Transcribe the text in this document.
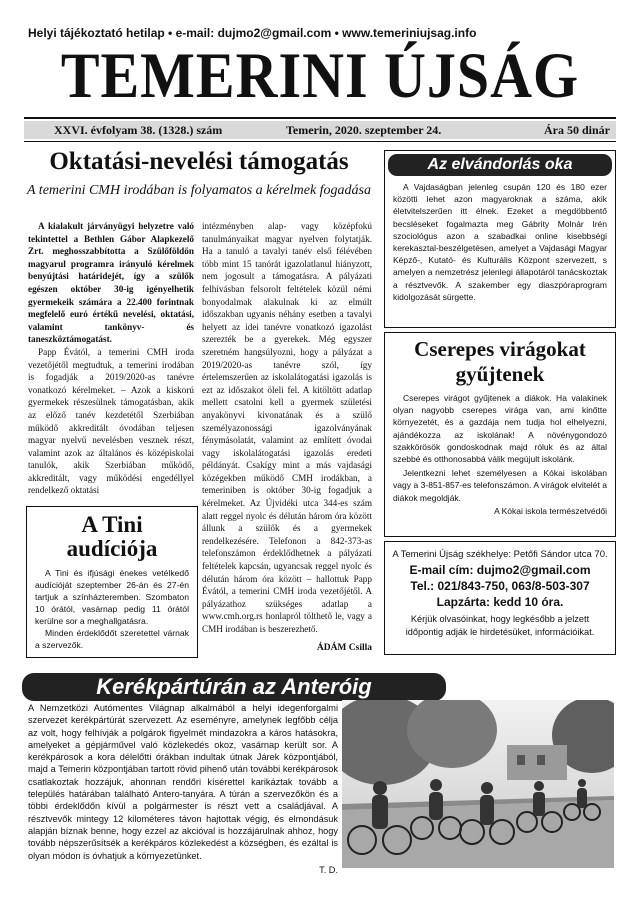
Helyi tájékoztató hetilap • e-mail: dujmo2@gmail.com • www.temeriniujsag.info
TEMERINI ÚJSÁG
XXVI. évfolyam 38. (1328.) szám	Temerin, 2020. szeptember 24.	Ára 50 dinár
Oktatási-nevelési támogatás
A temerini CMH irodában is folyamatos a kérelmek fogadása

A kialakult járványügyi helyzetre való tekintettel a Bethlen Gábor Alapkezelő Zrt. meghosszabbította a Szülőföldön magyarul programra irányuló kérelmek benyújtási határidejét, így a szülők egészen október 30-ig igényelhetik gyermekeik számára a 22.400 forintnak megfelelő euró értékű nevelési, oktatási, valamint tankönyv- és taneszköztámogatást.

Papp Évától, a temerini CMH iroda vezetőjétől megtudtuk, a temerini irodában is fogadják a 2019/2020-as tanévre vonatkozó kérelmeket. – Azok a kiskorú gyermekek részesülnek támogatásban, akik az előző tanév kezdetétől Szerbiában működő akkreditált óvodában teljesen magyar nyelvű nevelésben vesznek részt, valamint azok az általános és középiskolai tanulók, akik Szerbiában működő, akkreditált, vagy működési engedéllyel rendelkező oktatási

intézményben alap- vagy középfokú tanulmányaikat magyar nyelven folytatják. Ha a tanuló a tavalyi tanév első félévében több mint 15 tanórát igazolatlanul hiányzott, nem jogosult a támogatásra. A pályázati felhívásban felsorolt feltételek közül némi bonyodalmak alakulnak ki az elmúlt időszakban ugyanis néhány esetben a tavalyi helyett az idei tanévre vonatkozó igazolást szerezték be a gyerekek. Még egyszer szeretném hangsúlyozni, hogy a pályázat a 2019/2020-as tanévre szól, így értelemszerűen az iskolalátogatási igazolás is ezt az időszakot öleli fel. A kitöltött adatlap mellett csatolni kell a gyermek születési anyakönyvi kivonatának és a szülő személyazonossági igazolványának fénymásolatát, valamint az említett óvodai vagy iskolalátogatási igazolás eredeti példányát. Csakígy mint a más vajdasági közégekben működő CMH irodákban, a temeriniben is október 30-ig fogadjuk a kérelmeket. Az Újvidéki utca 344-es szám alatt reggel nyolc és délután három óra között állunk a szülők és a gyermekek rendelkezésére. Telefonon a 842-373-as telefonszámon érdeklődhetnek a pályázati feltételek kapcsán, ugyancsak reggel nyolc és délután három óra között – hallottuk Papp Évától, a temerini CMH iroda vezetőjétől. A pályázathoz szükséges adatlap a www.cmh.org.rs honlapról tölthető le, vagy a CMH irodában is beszerezhető.

ÁDÁM Csilla
A Tini
audíciója

A Tini és ifjúsági énekes vetélkedő audícióját szeptember 26-án és 27-én tartjuk a színházteremben. Szombaton 10 órától, vasárnap pedig 11 órától kerülne sor a meghallgatásra.

Minden érdeklődőt szeretettel várnak a szervezők.

Az elvándorlás oka

A Vajdaságban jelenleg csupán 120 és 180 ezer közötti lehet azon magyaroknak a száma, akik életvitelszerűen itt élnek. Ezeket a megdöbbentő becsléseket fogalmazta meg Gábrity Molnár Irén szociológus azon a szabadkai online kisebbségi kerekasztal-beszélgetésen, amelyet a Vajdasági Magyar Képző-, Kutató- és Kulturális Központ szervezett, s amelyen a nemzetrész jelenlegi állapotáról tanácskoztak a résztvevők. A szakember egy diaszpóraprogram kidolgozását sürgette.

Cserepes virágokat
gyűjtenek

Cserepes virágot gyűjtenek a diákok. Ha valakinek olyan nagyobb cserepes virága van, ami kinőtte környezetét, és a gazdája nem tudja hol elhelyezni, ajándékozza az iskolának! A növénygondozó szakkörösök gondoskodnak majd róluk és az által szebbé és otthonosabbá válik megújult iskolánk.

Jelentkezni lehet személyesen a Kókai iskolában vagy a 3-851-857-es telefonszámon. A virágok elvitelét a diákok megoldják.

A Kókai iskola természetvédői
A Temerini Újság székhelye: Petőfi Sándor utca 70.
E-mail cím: dujmo2@gmail.com
Tel.: 021/843-750, 063/8-503-307
Lapzárta: kedd 10 óra.
Kérjük olvasóinkat, hogy legkésőbb a jelzett időpontig adják le hirdetésüket, információikat.
Kerékpártúrán az Anteróig

A Nemzetközi Autómentes Világnap alkalmából a helyi idegenforgalmi szervezet kerékpártúrát szervezett. Az eseményre, amelynek legfőbb célja az volt, hogy felhívják a polgárok figyelmét mindazokra a káros hatásokra, amelyeket a gépjárművel való közlekedés okoz, vasárnap került sor. A kerékpárosok a kora délelőtti órákban indultak útnak Járek központjából, majd a Temerin központjában tartott rövid pihenő után további kerékpárosok csatlakoztak hozzájuk, ahonnan rendőri kísérettel karikáztak tovább a település határában található Antero-tanyára. A túrán a szervezőkön és a többi érdeklődőn kívül a polgármester is részt vett a családjával. A résztvevők mintegy 12 kilométeres távon hajtottak végig, és elmondásuk alapján bíznak benne, hogy ezzel az akcióval is hozzájárulnak ahhoz, hogy tovább népszerűsítsék a kerékpáros közlekedést a községben, és ezáltal is olyan módon is óvhatjuk a környezetünket.

T. D.
